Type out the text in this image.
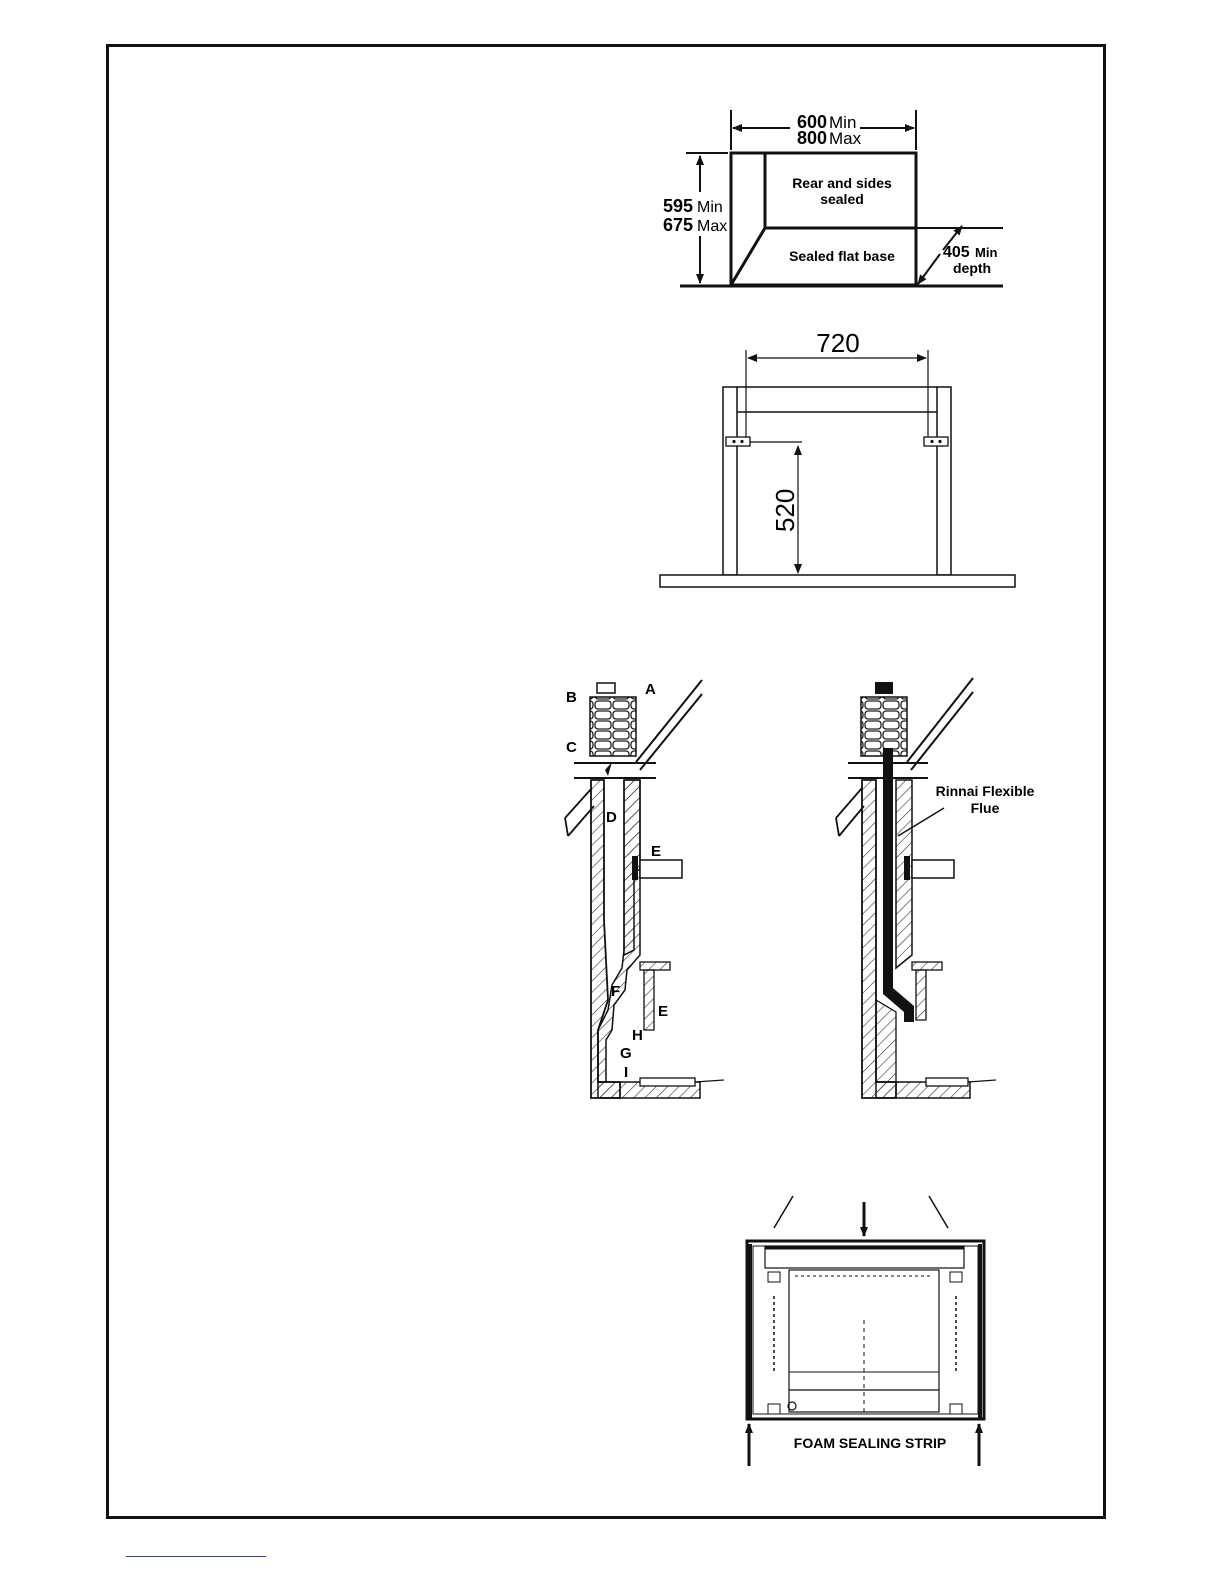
600 Min
800 Max
Rear and sides
sealed
Sealed flat base
595 Min
675 Max
405 Min
depth
720
520
B	A
C
D
E
F
E
H
G
I
Rinnai Flexible
Flue
FOAM SEALING STRIP
